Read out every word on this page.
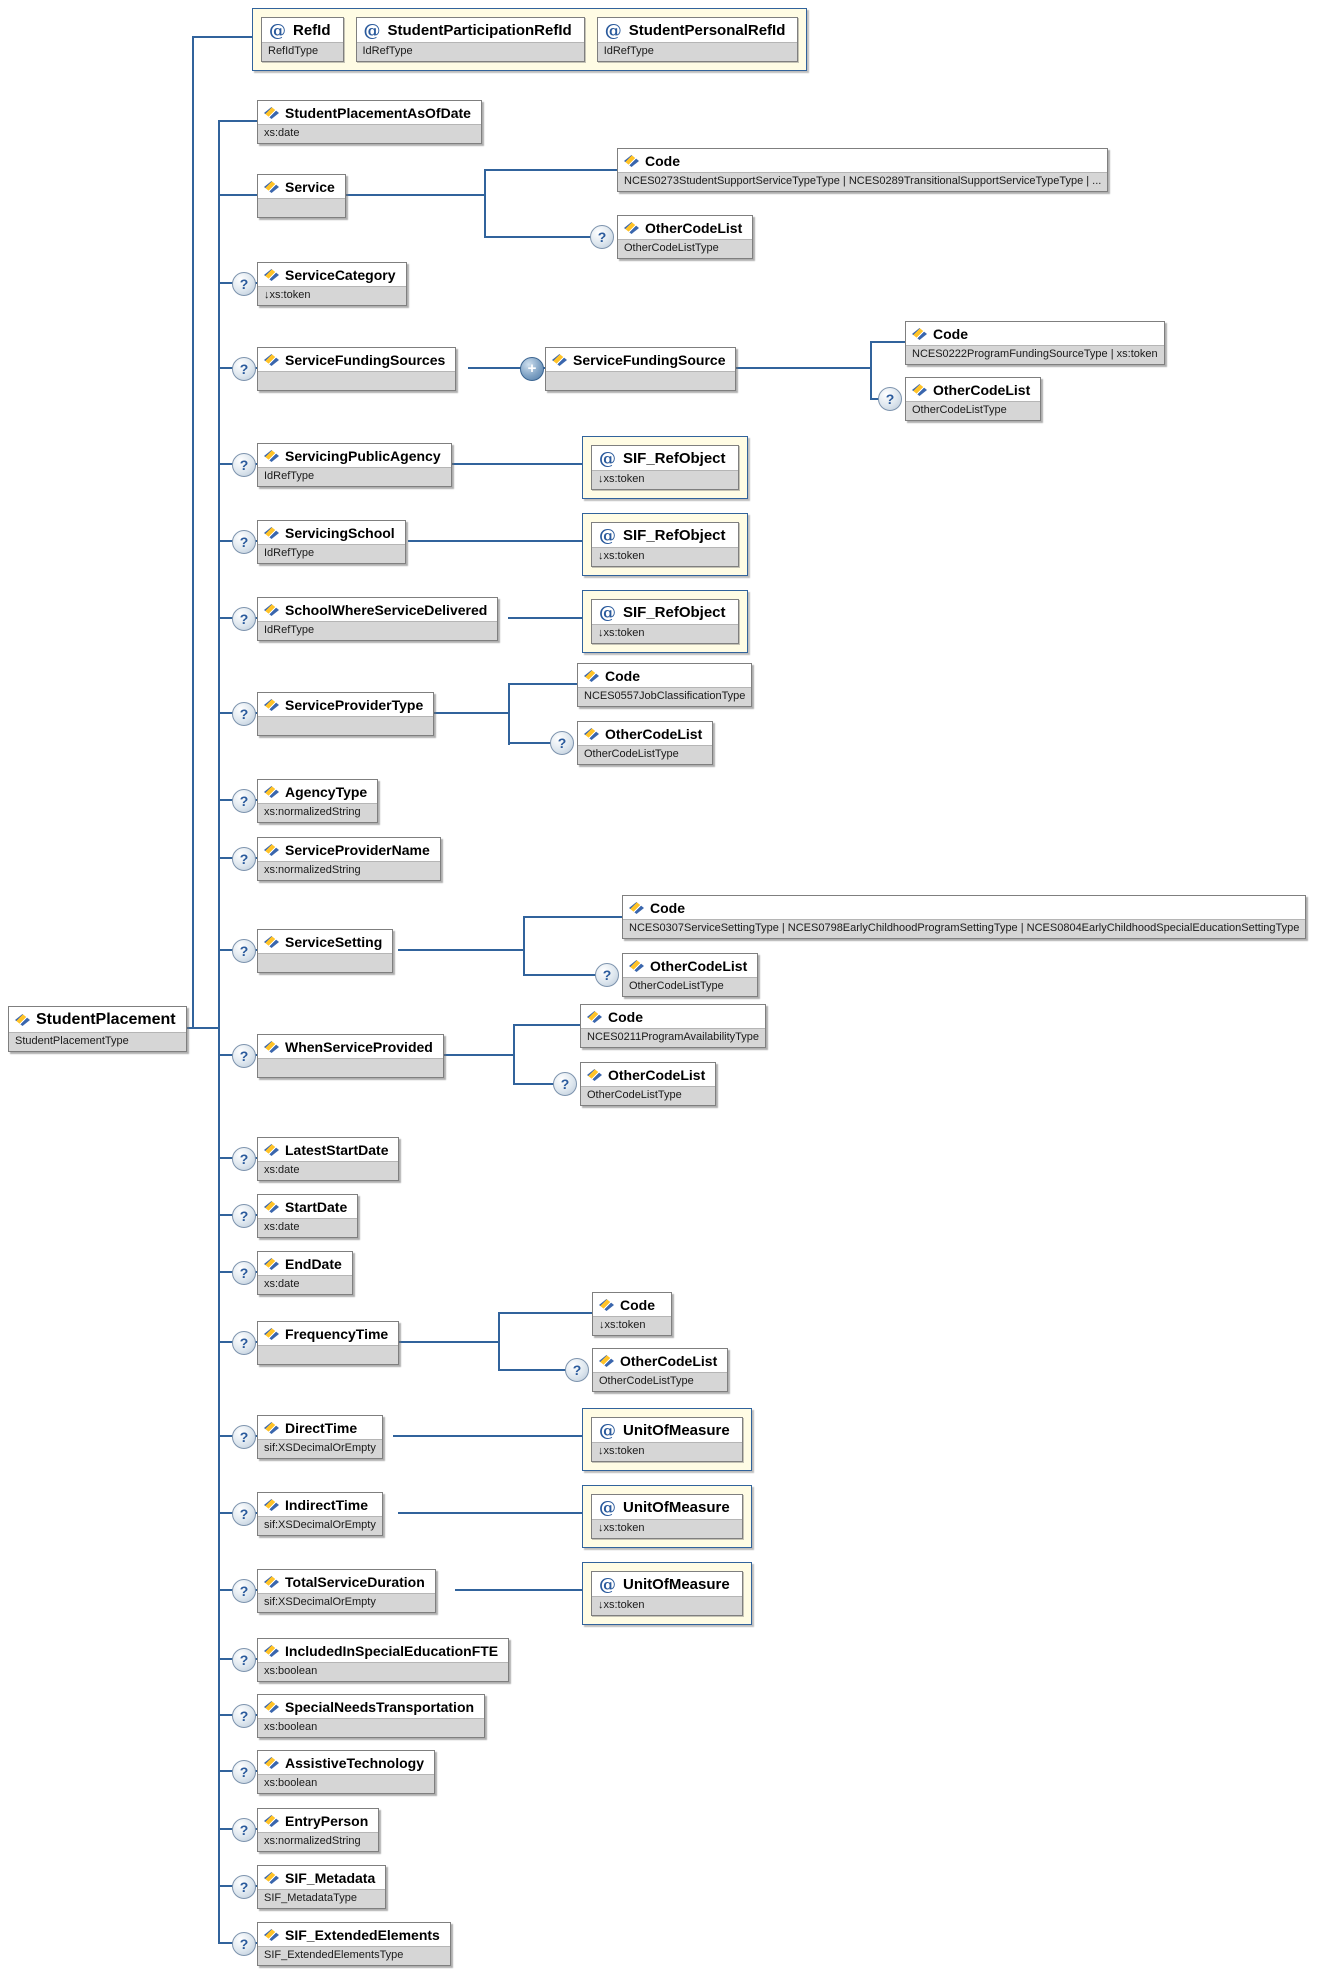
?
?
?
?
?
?
?
?
?
?
?
?
?
?
?
?
?
?
?
?
?
?
?
?
?
?
?
?
?
+
StudentPlacement
StudentPlacementType
@ RefId
RefIdType
@ StudentParticipationRefId
IdRefType
@ StudentPersonalRefId
IdRefType
StudentPlacementAsOfDate
xs:date
Service
Code
NCES0273StudentSupportServiceTypeType | NCES0289TransitionalSupportServiceTypeType | ...
OtherCodeList
OtherCodeListType
ServiceCategory
↓xs:token
ServiceFundingSources	ServiceFundingSource
Code
NCES0222ProgramFundingSourceType | xs:token
OtherCodeList
OtherCodeListType
ServicingPublicAgency
IdRefType
@ SIF_RefObject
↓xs:token
ServicingSchool
IdRefType
@ SIF_RefObject
↓xs:token
SchoolWhereServiceDelivered
IdRefType
@ SIF_RefObject
↓xs:token
ServiceProviderType
Code
NCES0557JobClassificationType
OtherCodeList
OtherCodeListType
AgencyType
xs:normalizedString
ServiceProviderName
xs:normalizedString
ServiceSetting
Code
NCES0307ServiceSettingType | NCES0798EarlyChildhoodProgramSettingType | NCES0804EarlyChildhoodSpecialEducationSettingType
OtherCodeList
OtherCodeListType
WhenServiceProvided
Code
NCES0211ProgramAvailabilityType
OtherCodeList
OtherCodeListType
LatestStartDate
xs:date
StartDate
xs:date
EndDate
xs:date
FrequencyTime
Code
↓xs:token
OtherCodeList
OtherCodeListType
DirectTime
sif:XSDecimalOrEmpty
@ UnitOfMeasure
↓xs:token
IndirectTime
sif:XSDecimalOrEmpty
@ UnitOfMeasure
↓xs:token
TotalServiceDuration
sif:XSDecimalOrEmpty
@ UnitOfMeasure
↓xs:token
IncludedInSpecialEducationFTE
xs:boolean
SpecialNeedsTransportation
xs:boolean
AssistiveTechnology
xs:boolean
EntryPerson
xs:normalizedString
SIF_Metadata
SIF_MetadataType
SIF_ExtendedElements
SIF_ExtendedElementsType
